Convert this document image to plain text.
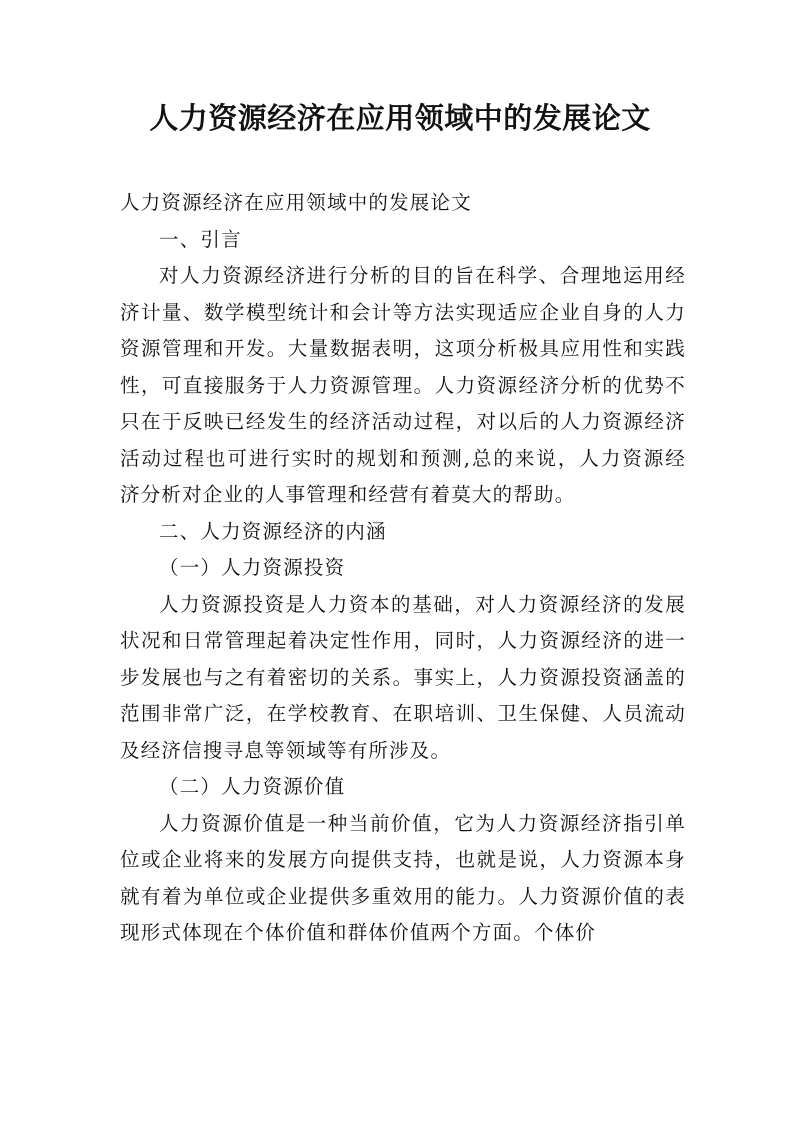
人力资源经济在应用领域中的发展论文

人力资源经济在应用领域中的发展论文

一、引言

对人力资源经济进行分析的目的旨在科学、合理地运用经济计量、数学模型统计和会计等方法实现适应企业自身的人力资源管理和开发。大量数据表明，这项分析极具应用性和实践性，可直接服务于人力资源管理。人力资源经济分析的优势不只在于反映已经发生的经济活动过程，对以后的人力资源经济活动过程也可进行实时的规划和预测,总的来说，人力资源经济分析对企业的人事管理和经营有着莫大的帮助。

二、人力资源经济的内涵

（一）人力资源投资

人力资源投资是人力资本的基础，对人力资源经济的发展状况和日常管理起着决定性作用，同时，人力资源经济的进一步发展也与之有着密切的关系。事实上，人力资源投资涵盖的范围非常广泛，在学校教育、在职培训、卫生保健、人员流动及经济信搜寻息等领域等有所涉及。

（二）人力资源价值

人力资源价值是一种当前价值，它为人力资源经济指引单位或企业将来的发展方向提供支持，也就是说，人力资源本身就有着为单位或企业提供多重效用的能力。人力资源价值的表现形式体现在个体价值和群体价值两个方面。个体价
